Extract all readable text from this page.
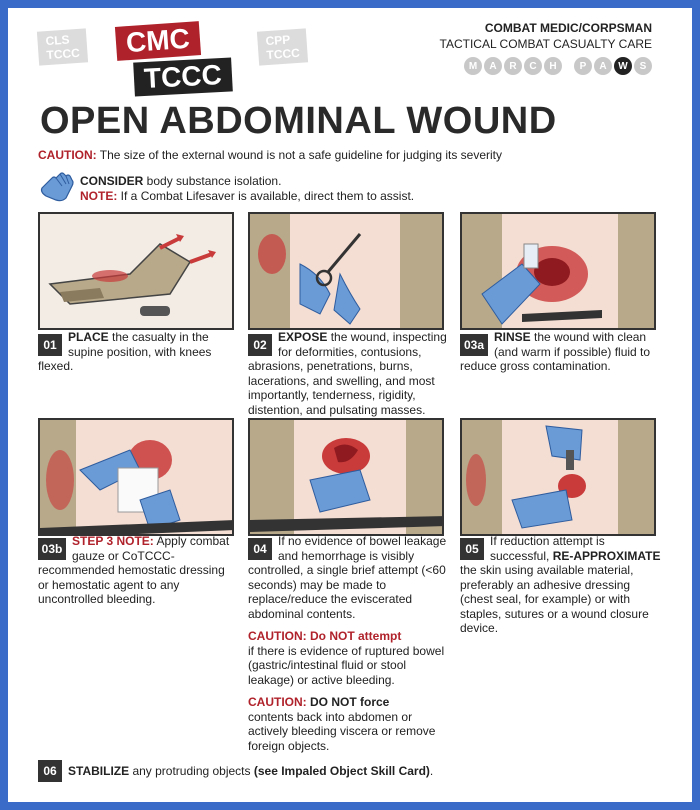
CLS
TCCC	CMC
TCCC
CPP
TCCC
COMBAT MEDIC/CORPSMAN
TACTICAL COMBAT CASUALTY CARE
M	A	R	C	H	P	A	W	S
OPEN ABDOMINAL WOUND
CAUTION: The size of the external wound is not a safe guideline for judging its severity
CONSIDER body substance isolation.
NOTE: If a Combat Lifesaver is available, direct them to assist.
01
PLACE the casualty in the supine position, with knees flexed.
02
EXPOSE the wound, inspecting for deformities, contusions, abrasions, penetrations, burns, lacerations, and swelling, and most importantly, tenderness, rigidity, distention, and pulsating masses.
03a
RINSE the wound with clean (and warm if possible) fluid to reduce gross contamination.
03b
STEP 3 NOTE: Apply combat gauze or CoTCCC-recommended hemostatic dressing or hemostatic agent to any uncontrolled bleeding.
04
If no evidence of bowel leakage and hemorrhage is visibly controlled, a single brief attempt (<60 seconds) may be made to replace/reduce the eviscerated abdominal contents.
CAUTION: Do NOT attempt
if there is evidence of ruptured bowel (gastric/intestinal fluid or stool leakage) or active bleeding.
CAUTION: DO NOT force
contents back into abdomen or actively bleeding viscera or remove foreign objects.
05
If reduction attempt is successful, RE-APPROXIMATE the skin using available material, preferably an adhesive dressing (chest seal, for example) or with staples, sutures or a wound closure device.
06 STABILIZE any protruding objects (see Impaled Object Skill Card).
